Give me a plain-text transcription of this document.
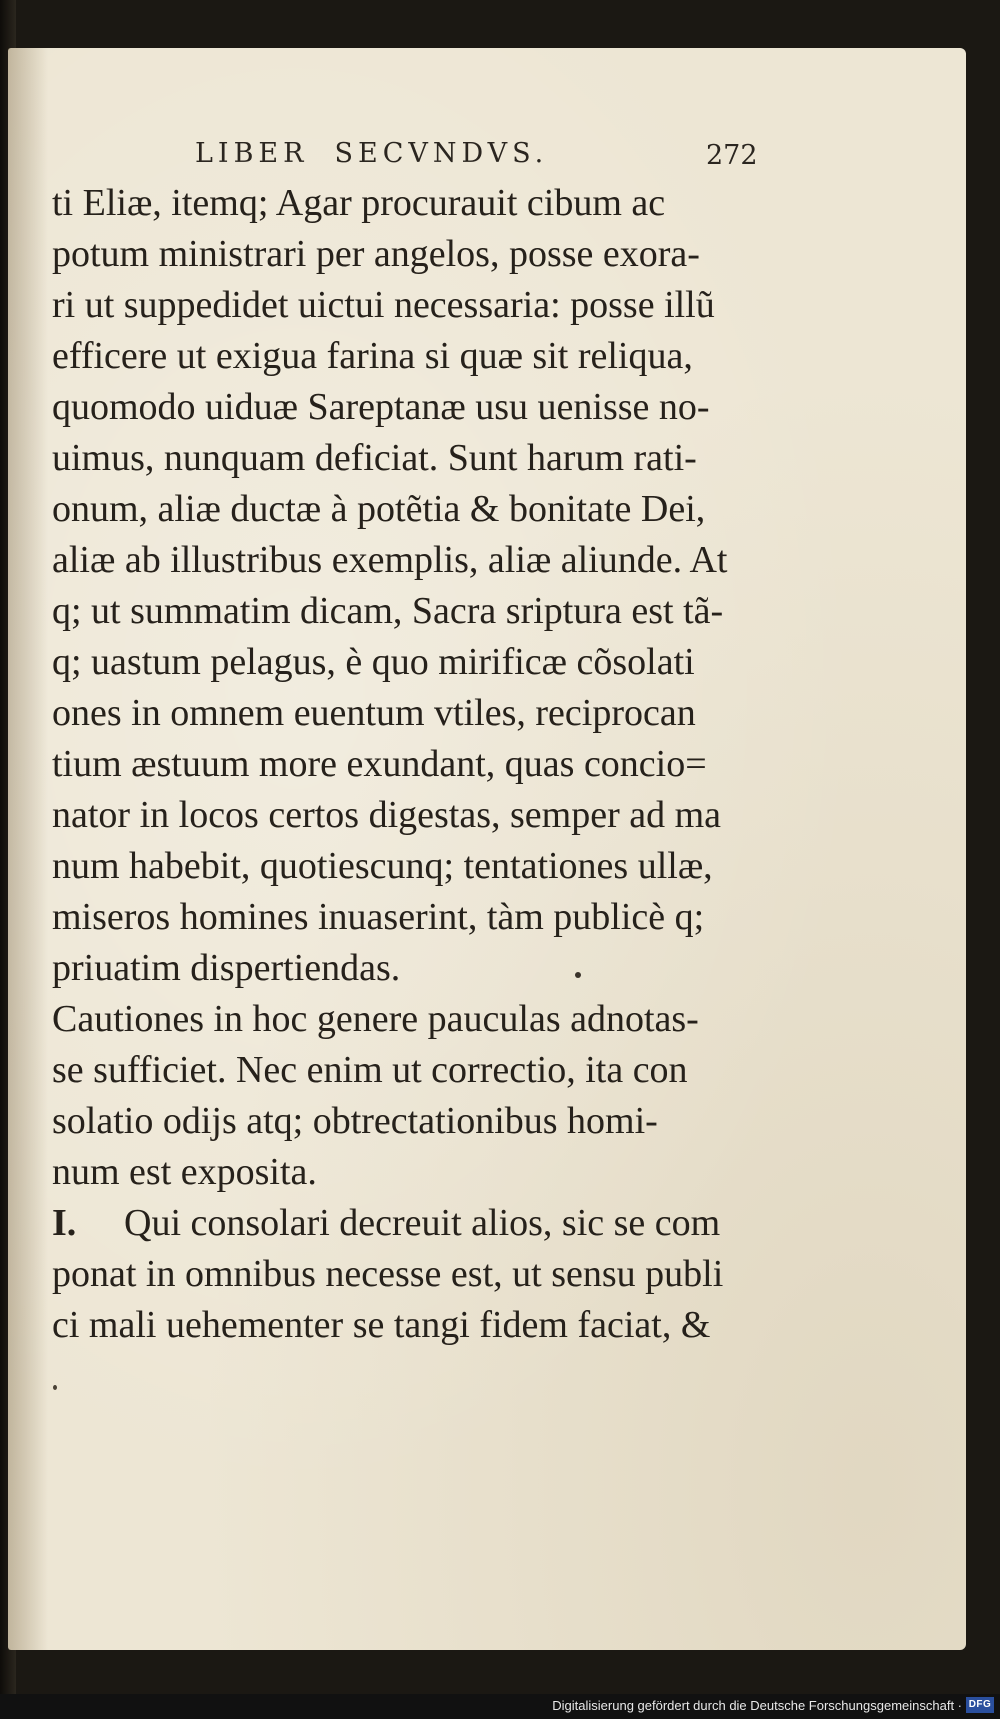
LIBER SECVNDVS.	272
ti Eliæ, itemq; Agar procurauit cibum ac
potum ministrari per angelos, posse exora-
ri ut suppedidet uictui necessaria: posse illũ
efficere ut exigua farina si quæ sit reliqua,
quomodo uiduæ Sareptanæ usu uenisse no-
uimus, nunquam deficiat. Sunt harum rati-
onum, aliæ ductæ à potẽtia & bonitate Dei,
aliæ ab illustribus exemplis, aliæ aliunde. At
q; ut summatim dicam, Sacra sriptura est tã-
q; uastum pelagus, è quo mirificæ cõsolati
ones in omnem euentum vtiles, reciprocan
tium æstuum more exundant, quas concio=
nator in locos certos digestas, semper ad ma
num habebit, quotiescunq; tentationes ullæ,
miseros homines inuaserint, tàm publicè q;
priuatim dispertiendas.
Cautiones in hoc genere pauculas adnotas-
se sufficiet. Nec enim ut correctio, ita con
solatio odijs atq; obtrectationibus homi-
num est exposita.
I. Qui consolari decreuit alios, sic se com
ponat in omnibus necesse est, ut sensu publi
ci mali uehementer se tangi fidem faciat, &
Digitalisierung gefördert durch die Deutsche Forschungsgemeinschaft · DFG
